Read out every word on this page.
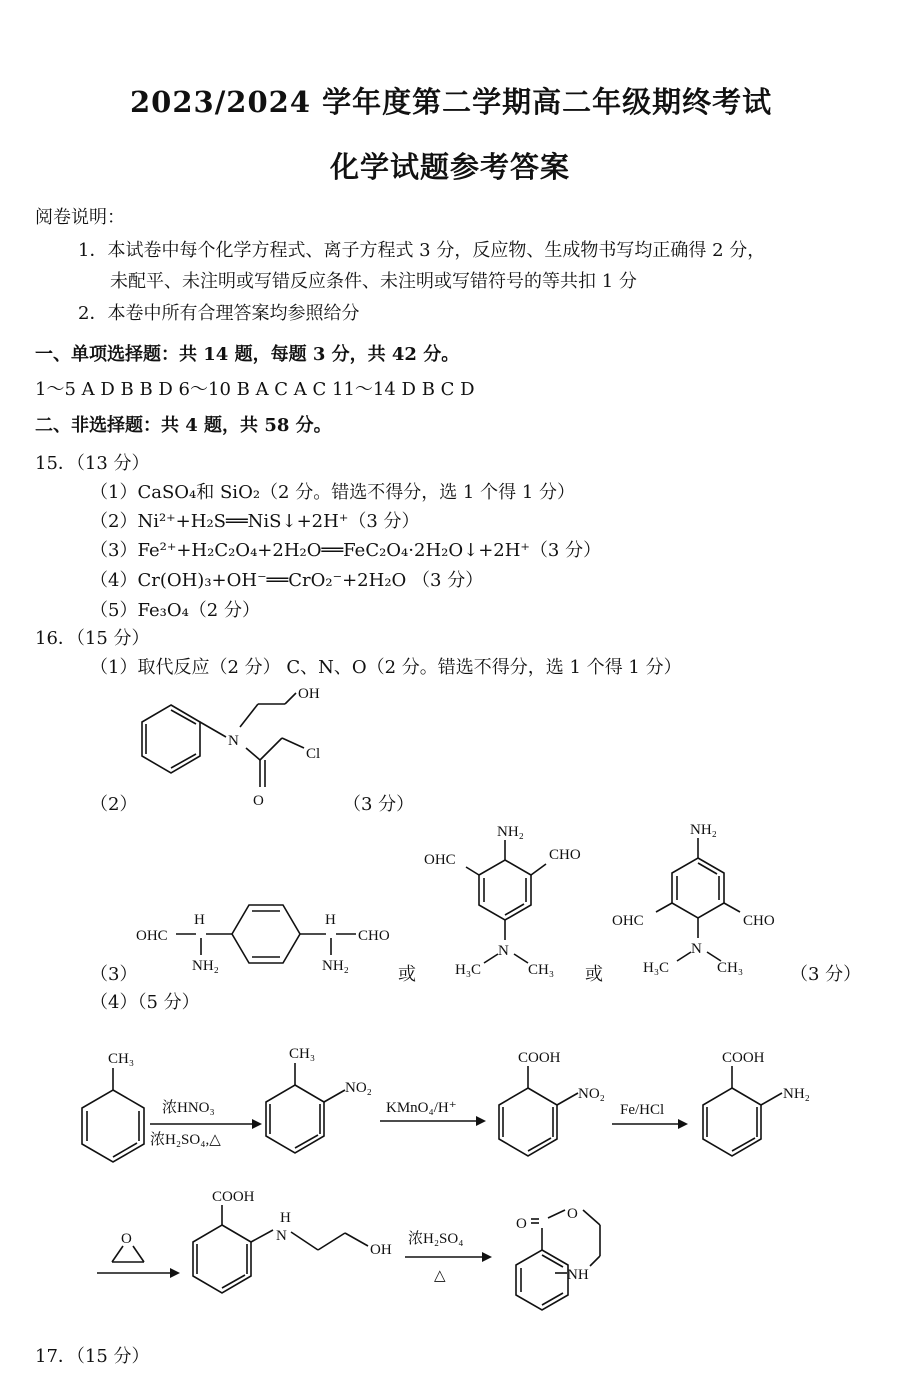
2023/2024 学年度第二学期高二年级期终考试
化学试题参考答案
阅卷说明：
1．本试卷中每个化学方程式、离子方程式 3 分，反应物、生成物书写均正确得 2 分，
未配平、未注明或写错反应条件、未注明或写错符号的等共扣 1 分
2．本卷中所有合理答案均参照给分
一、单项选择题：共 14 题，每题 3 分，共 42 分。
1～5 A D B B D 6～10 B A C A C 11～14 D B C D
二、非选择题：共 4 题，共 58 分。
15．（13 分）
（1）CaSO₄和 SiO₂（2 分。错选不得分，选 1 个得 1 分）
（2）Ni²⁺+H₂S══NiS↓+2H⁺（3 分）
（3）Fe²⁺+H₂C₂O₄+2H₂O══FeC₂O₄·2H₂O↓+2H⁺（3 分）
（4）Cr(OH)₃+OH⁻══CrO₂⁻+2H₂O （3 分）
（5）Fe₃O₄（2 分）
16．（15 分）
（1）取代反应（2 分） C、N、O（2 分。错选不得分，选 1 个得 1 分）
（2）	（3 分）
（3）	或	或	（3 分）
（4）（5 分）
17．（15 分）
N
OH
Cl
O
OHC
H
NH₂
H
NH₂
CHO
NH₂
OHC	CHO
N
H₃C	CH₃
NH₂
OHC	CHO
N
H₃C	CH₃
CH₃
浓HNO₃
浓H₂SO₄,△
CH₃
NO₂
KMnO₄/H⁺
COOH
NO₂
Fe/HCl
COOH
NH₂
O
COOH
H
N
OH
浓H₂SO₄
△
O
O
NH
